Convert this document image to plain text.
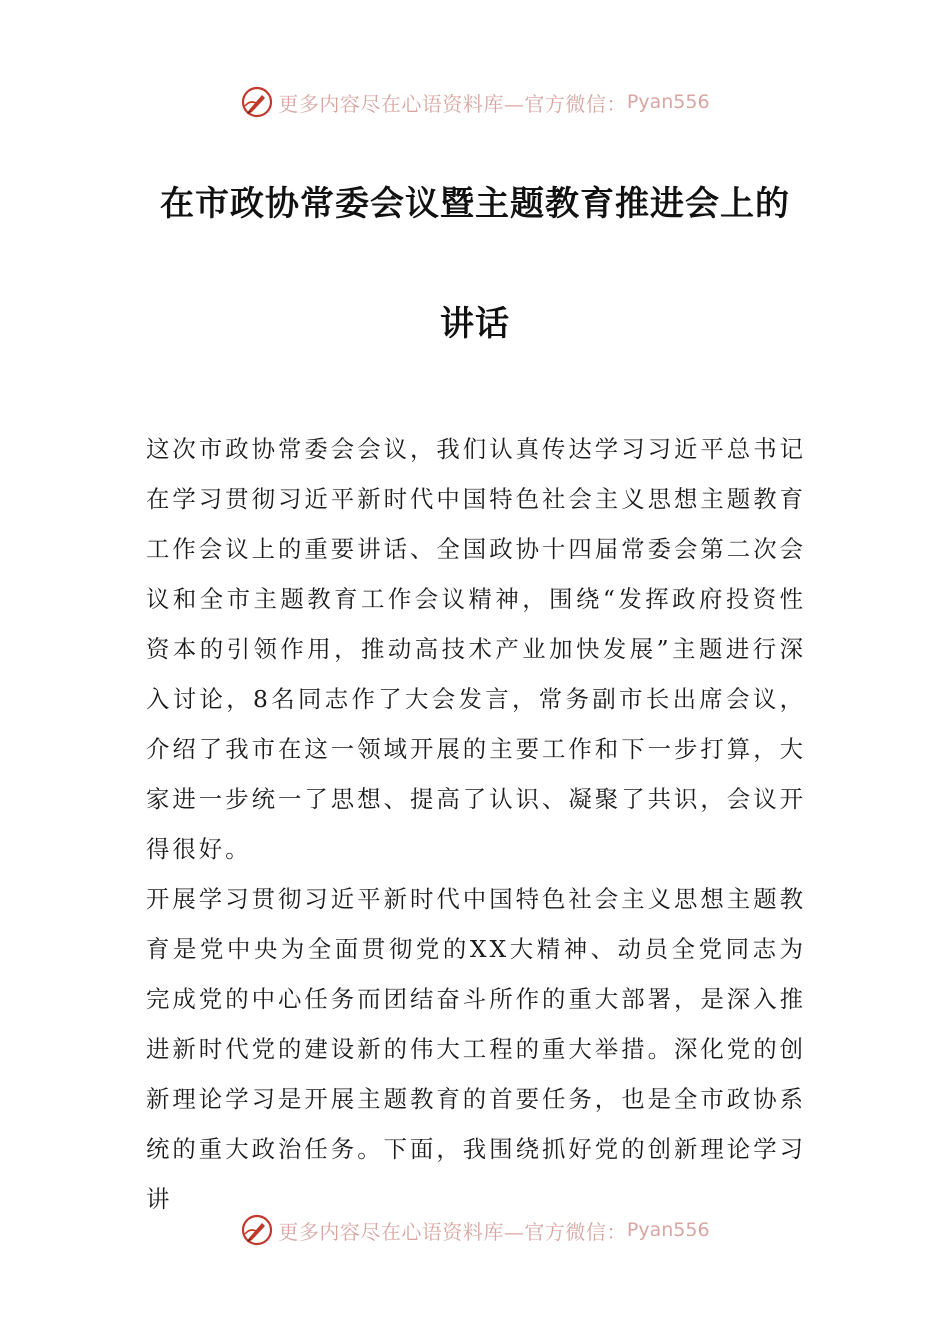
更多内容尽在心语资料库—官方微信： Pyan556
在市政协常委会议暨主题教育推进会上的
讲话

这次市政协常委会会议，我们认真传达学习习近平总书记在学习贯彻习近平新时代中国特色社会主义思想主题教育工作会议上的重要讲话、全国政协十四届常委会第二次会议和全市主题教育工作会议精神，围绕“发挥政府投资性资本的引领作用，推动高技术产业加快发展”主题进行深入讨论，8名同志作了大会发言，常务副市长出席会议，介绍了我市在这一领域开展的主要工作和下一步打算，大家进一步统一了思想、提高了认识、凝聚了共识，会议开得很好。

开展学习贯彻习近平新时代中国特色社会主义思想主题教育是党中央为全面贯彻党的XX大精神、动员全党同志为完成党的中心任务而团结奋斗所作的重大部署，是深入推进新时代党的建设新的伟大工程的重大举措。深化党的创新理论学习是开展主题教育的首要任务，也是全市政协系统的重大政治任务。下面，我围绕抓好党的创新理论学习讲

更多内容尽在心语资料库—官方微信： Pyan556
